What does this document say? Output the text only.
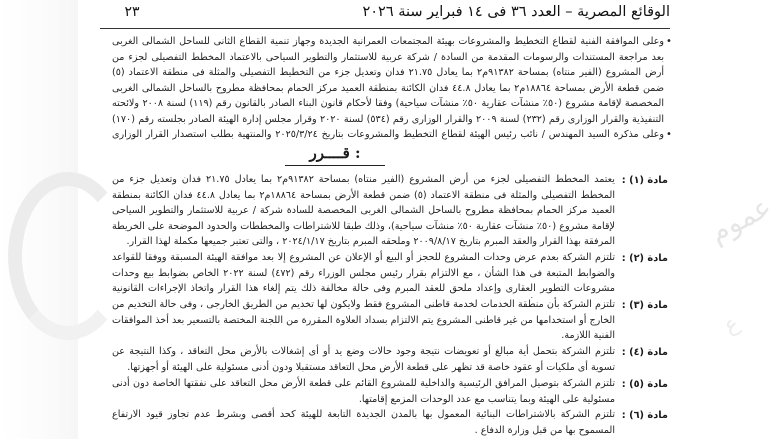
ﻋﻤﻮﻡ
ﻉ
الوقائع المصرية – العدد ٣٦ فى ١٤ فبراير سنة ٢٠٢٦
٢٣
•
وعلى الموافقة الفنية لقطاع التخطيط والمشروعات بهيئة المجتمعات العمرانية الجديدة وجهاز تنمية القطاع الثانى للساحل الشمالى الغربى بعد مراجعة المستندات والرسومات المقدمة من السادة / شركة عربية للاستثمار والتطوير السياحى بالاعتماد المخطط التفصيلى لجزء من أرض المشروع (الفير منتاه) بمساحة ٩١٣٨٢م٢ بما يعادل ٢١.٧٥ فدان وتعديل جزء من التخطيط التفصيلى والمثلة فى منطقة الاعتماد (٥) ضمن قطعة الأرض بمساحة ١٨٨٦٤م٢ بما يعادل ٤٤.٨ فدان الكائنة بمنطقة العميد مركز الحمام بمحافظة مطروح بالساحل الشمالى الغربى المخصصة لإقامة مشروع (٥٠٪ منشآت عقارية ٥٠٪ منشآت سياحية) وفقا لأحكام قانون البناء الصادر بالقانون رقم (١١٩) لسنة ٢٠٠٨ ولائحته التنفيذية والقرار الوزارى رقم (٢٣٢) لسنة ٢٠٠٩ والقرار الوزارى رقم (٥٣٤) لسنة ٢٠٢٠ وقرار مجلس إدارة الهيئة الصادر بجلسته رقم (١٧٠)
•
وعلى مذكرة السيد المهندس / نائب رئيس الهيئة لقطاع التخطيط والمشروعات بتاريخ ٢٠٢٥/٣/٢٤ والمنتهية بطلب استصدار القرار الوزارى
قــــرر :
مادة (١) :
يعتمد المخطط التفصيلى لجزء من أرض المشروع (الفير منتاه) بمساحة ٩١٣٨٢م٢ بما يعادل ٢١.٧٥ فدان وتعديل جزء من المخطط التفصيلى والمثلة فى منطقة الاعتماد (٥) ضمن قطعة الأرض بمساحة ١٨٨٦٤م٢ بما يعادل ٤٤.٨ فدان الكائنة بمنطقة العميد مركز الحمام بمحافظة مطروح بالساحل الشمالى الغربى المخصصة للسادة شركة / عربية للاستثمار والتطوير السياحى لإقامة مشروع (٥٠٪ منشآت عقارية ٥٠٪ منشآت سياحية)، وذلك طبقا للاشتراطات والمخططات والحدود الموضحة على الخريطة المرفقة بهذا القرار والعقد المبرم بتاريخ ٢٠٠٩/٨/١٧ وملحقه المبرم بتاريخ ٢٠٢٤/١/١٧ ، والتى تعتبر جميعها مكملة لهذا القرار.
مادة (٢) :
تلتزم الشركة بعدم عرض وحدات المشروع للحجز أو البيع أو الإعلان عن المشروع إلا بعد موافقة الهيئة المسبقة ووفقا للقواعد والضوابط المتبعة فى هذا الشأن ، مع الالتزام بقرار رئيس مجلس الوزراء رقم (٤٧٢) لسنة ٢٠٢٢ الخاص بضوابط بيع وحدات مشروعات التطوير العقارى وإعداد ملحق للعقد المبرم وفى حالة مخالفة ذلك يتم إلغاء هذا القرار واتخاذ الإجراءات القانونية
مادة (٣) :
تلتزم الشركة بأن منطقة الخدمات لخدمة قاطنى المشروع فقط ولايكون لها تخديم من الطريق الخارجى ، وفى حالة التخديم من الخارج أو استخدامها من غير قاطنى المشروع يتم الالتزام بسداد العلاوة المقررة من اللجنة المختصة بالتسعير بعد أخذ الموافقات الفنية اللازمة.
مادة (٤) :
تلتزم الشركة بتحمل أية مبالغ أو تعويضات نتيجة وجود حالات وضع يد أو أى إشغالات بالأرض محل التعاقد ، وكذا النتيجة عن تسوية أى ملكيات أو عقود خاصة قد تظهر على قطعة الأرض محل التعاقد مستقبلا ودون أدنى مسئولية على الهيئة أو أجهزتها.
مادة (٥) :
تلتزم الشركة بتوصيل المرافق الرئيسية والداخلية للمشروع القائم على قطعة الأرض محل التعاقد على نفقتها الخاصة دون أدنى مسئولية على الهيئة وبما يتناسب مع عدد الوحدات المزمع إقامتها.
مادة (٦) :
تلتزم الشركة بالاشتراطات البنائية المعمول بها بالمدن الجديدة التابعة للهيئة كحد أقصى وبشرط عدم تجاوز قيود الارتفاع المسموح بها من قبل وزارة الدفاع .
